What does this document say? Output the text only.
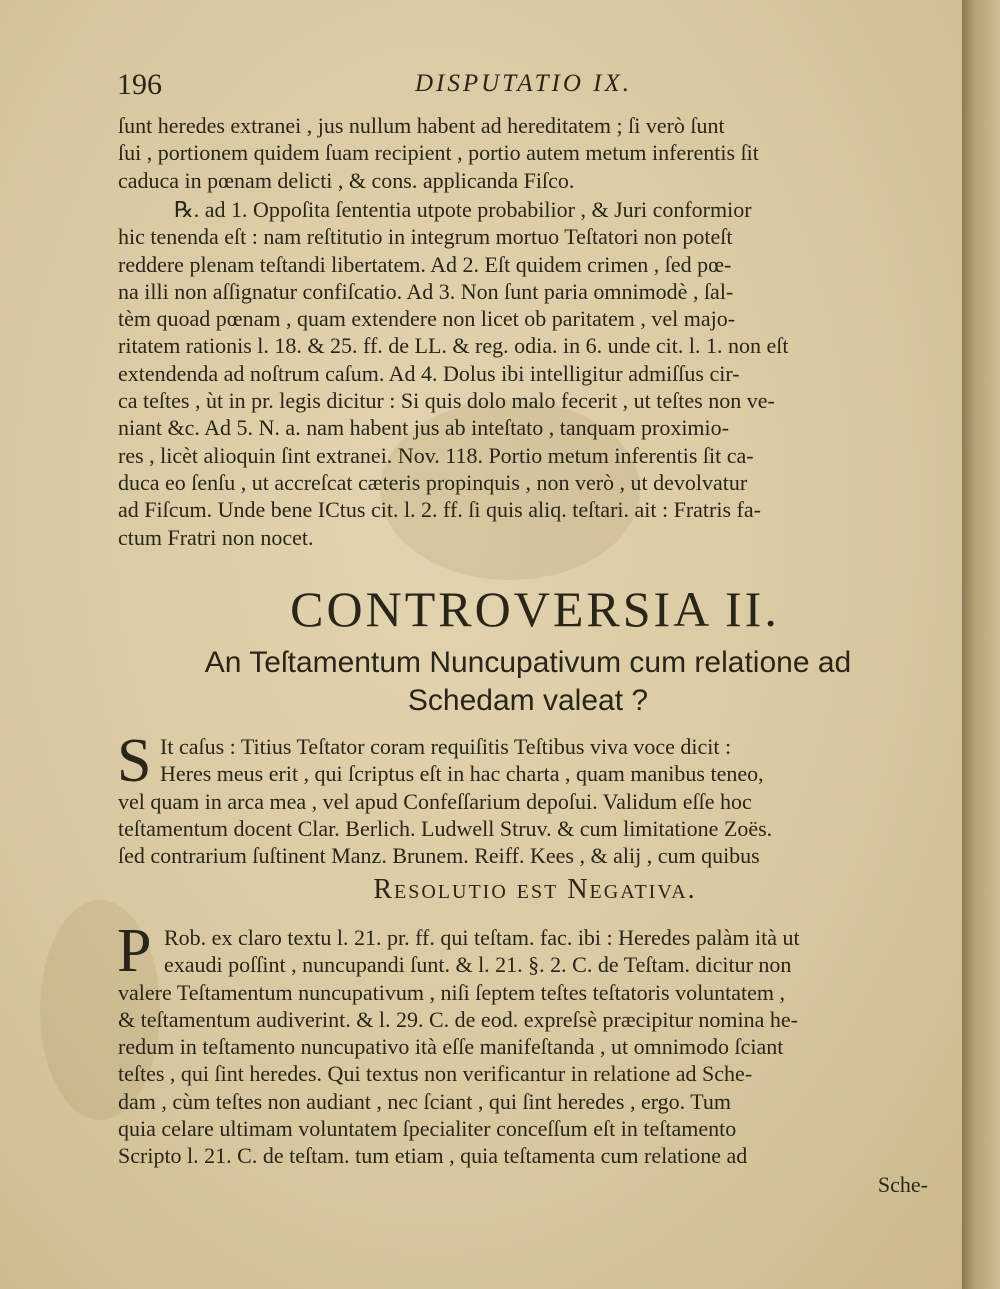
196	DISPUTATIO IX.
ſunt heredes extranei , jus nullum habent ad hereditatem ; ſi verò ſunt
ſui , portionem quidem ſuam recipient , portio autem metum inferentis ſit
caduca in pœnam delicti , & cons. applicanda Fiſco.
℞. ad 1. Oppoſita ſententia utpote probabilior , & Juri conformior
hic tenenda eſt : nam reſtitutio in integrum mortuo Teſtatori non poteſt
reddere plenam teſtandi libertatem. Ad 2. Eſt quidem crimen , ſed pœ-
na illi non aſſignatur confiſcatio. Ad 3. Non ſunt paria omnimodè , ſal-
tèm quoad pœnam , quam extendere non licet ob paritatem , vel majo-
ritatem rationis l. 18. & 25. ff. de LL. & reg. odia. in 6. unde cit. l. 1. non eſt
extendenda ad noſtrum caſum. Ad 4. Dolus ibi intelligitur admiſſus cir-
ca teſtes , ùt in pr. legis dicitur : Si quis dolo malo fecerit , ut teſtes non ve-
niant &c. Ad 5. N. a. nam habent jus ab inteſtato , tanquam proximio-
res , licèt alioquin ſint extranei. Nov. 118. Portio metum inferentis ſit ca-
duca eo ſenſu , ut accreſcat cæteris propinquis , non verò , ut devolvatur
ad Fiſcum. Unde bene ICtus cit. l. 2. ff. ſi quis aliq. teſtari. ait : Fratris fa-
ctum Fratri non nocet.
CONTROVERSIA II.
An Teſtamentum Nuncupativum cum relatione ad
Schedam valeat ?
S It caſus : Titius Teſtator coram requiſitis Teſtibus viva voce dicit :
Heres meus erit , qui ſcriptus eſt in hac charta , quam manibus teneo,
vel quam in arca mea , vel apud Confeſſarium depoſui. Validum eſſe hoc
teſtamentum docent Clar. Berlich. Ludwell Struv. & cum limitatione Zoës.
ſed contrarium ſuſtinent Manz. Brunem. Reiff. Kees , & alij , cum quibus
Resolutio est Negativa.
P Rob. ex claro textu l. 21. pr. ff. qui teſtam. fac. ibi : Heredes palàm ità ut
exaudi poſſint , nuncupandi ſunt. & l. 21. §. 2. C. de Teſtam. dicitur non
valere Teſtamentum nuncupativum , niſi ſeptem teſtes teſtatoris voluntatem ,
& teſtamentum audiverint. & l. 29. C. de eod. expreſsè præcipitur nomina he-
redum in teſtamento nuncupativo ità eſſe manifeſtanda , ut omnimodo ſciant
teſtes , qui ſint heredes. Qui textus non verificantur in relatione ad Sche-
dam , cùm teſtes non audiant , nec ſciant , qui ſint heredes , ergo. Tum
quia celare ultimam voluntatem ſpecialiter conceſſum eſt in teſtamento
Scripto l. 21. C. de teſtam. tum etiam , quia teſtamenta cum relatione ad
Sche-
